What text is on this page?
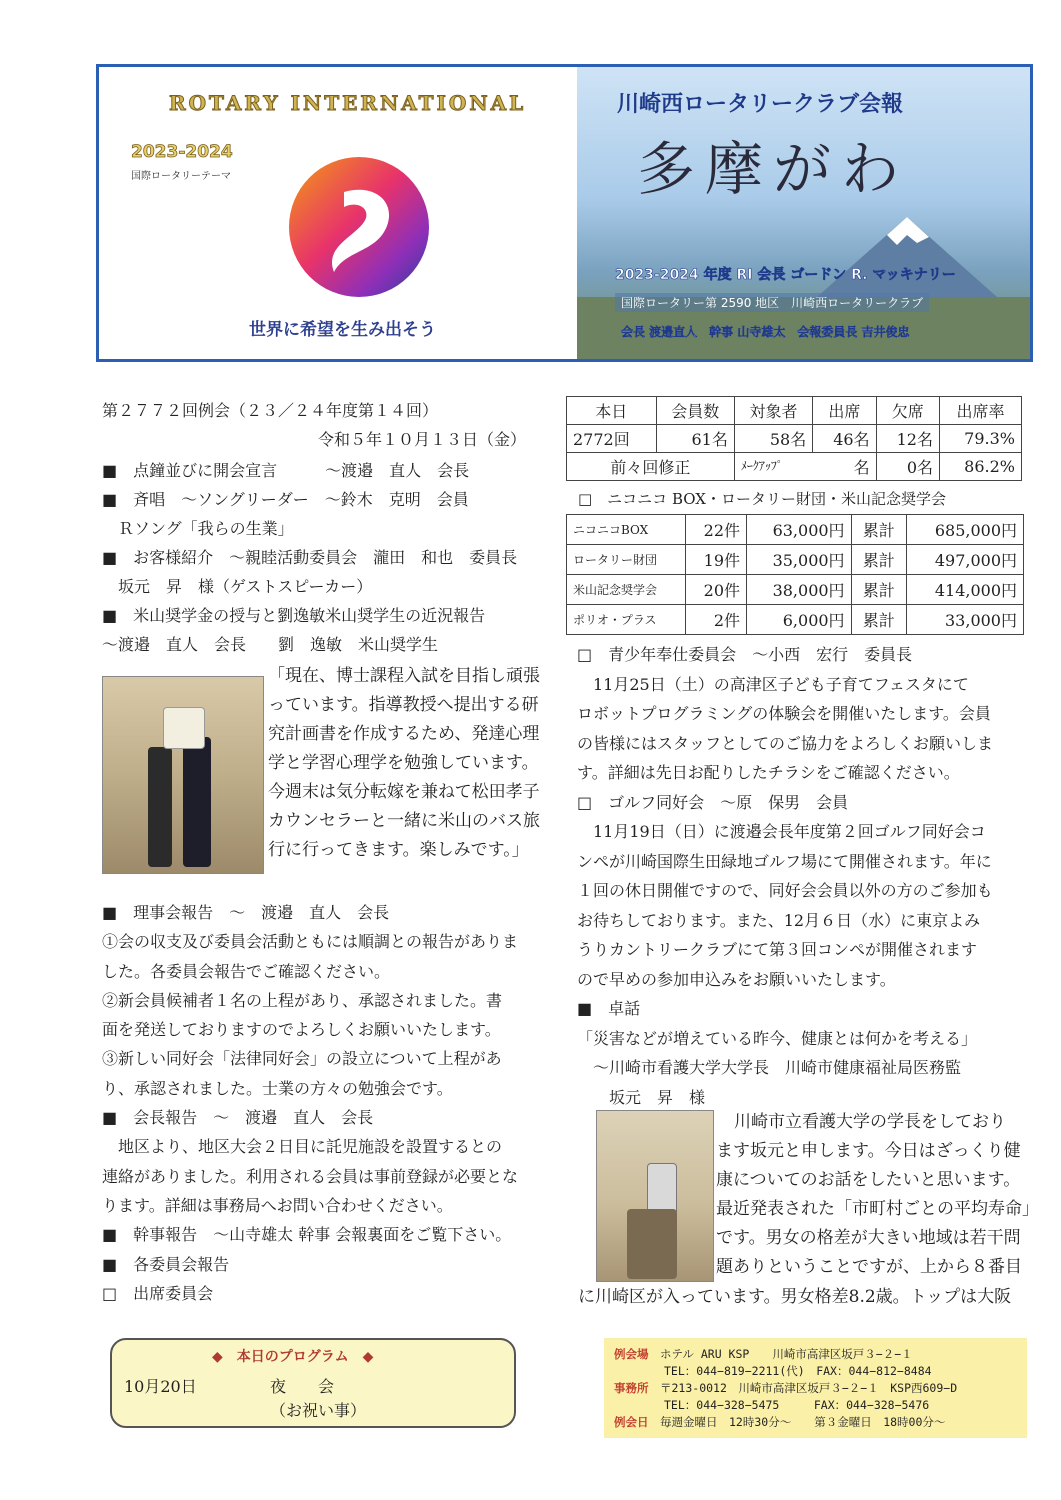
ROTARY INTERNATIONAL
2023-2024
国際ロータリーテーマ
世界に希望を生み出そう
川崎西ロータリークラブ会報
多摩がわ
2023-2024 年度 RI 会長 ゴードン R. マッキナリー
国際ロータリー第 2590 地区　川崎西ロータリークラブ
会長 渡邉直人　幹事 山寺雄太　会報委員長 吉井俊忠
第２７７２回例会（２３／２４年度第１４回）
令和５年１０月１３日（金）
■　点鐘並びに開会宣言　　　～渡邉　直人　会長
■　斉唱　～ソングリーダー　～鈴木　克明　会員
　Ｒソング「我らの生業」
■　お客様紹介　～親睦活動委員会　瀧田　和也　委員長
　坂元　昇　様（ゲストスピーカー）
■　米山奨学金の授与と劉逸敏米山奨学生の近況報告
～渡邉　直人　会長　　劉　逸敏　米山奨学生
「現在、博士課程入試を目指し頑張
っています。指導教授へ提出する研
究計画書を作成するため、発達心理
学と学習心理学を勉強しています。
今週末は気分転嫁を兼ねて松田孝子
カウンセラーと一緒に米山のバス旅
行に行ってきます。楽しみです。」
■　理事会報告　～　渡邉　直人　会長
①会の収支及び委員会活動ともには順調との報告がありま
した。各委員会報告でご確認ください。
②新会員候補者１名の上程があり、承認されました。書
面を発送しておりますのでよろしくお願いいたします。
③新しい同好会「法律同好会」の設立について上程があ
り、承認されました。士業の方々の勉強会です。
■　会長報告　～　渡邉　直人　会長
　地区より、地区大会２日目に託児施設を設置するとの
連絡がありました。利用される会員は事前登録が必要とな
ります。詳細は事務局へお問い合わせください。
■　幹事報告　～山寺雄太 幹事 会報裏面をご覧下さい。
■　各委員会報告
□　出席委員会
◆　本日のプログラム　◆
10月20日	夜　　会
（お祝い事）
本日	会員数	対象者	出席	欠席	出席率
2772回	61名	58名	46名	12名	79.3%
前々回修正		ﾒｰｸｱｯﾌﾟ 名		0名	86.2%
□　ニコニコ BOX・ロータリー財団・米山記念奨学会
ニコニコBOX	22件	63,000円	累計	685,000円
ロータリー財団	19件	35,000円	累計	497,000円
米山記念奨学会	20件	38,000円	累計	414,000円
ポリオ・プラス	2件	6,000円	累計	33,000円
□　青少年奉仕委員会　～小西　宏行　委員長
　11月25日（土）の高津区子ども子育てフェスタにて
ロボットプログラミングの体験会を開催いたします。会員
の皆様にはスタッフとしてのご協力をよろしくお願いしま
す。詳細は先日お配りしたチラシをご確認ください。
□　ゴルフ同好会　～原　保男　会員
　11月19日（日）に渡邉会長年度第２回ゴルフ同好会コ
ンペが川崎国際生田緑地ゴルフ場にて開催されます。年に
１回の休日開催ですので、同好会会員以外の方のご参加も
お待ちしております。また、12月６日（水）に東京よみ
うりカントリークラブにて第３回コンペが開催されます
ので早めの参加申込みをお願いいたします。
■　卓話
「災害などが増えている昨今、健康とは何かを考える」
　～川崎市看護大学大学長　川崎市健康福祉局医務監
　　坂元　昇　様
川崎市立看護大学の学長をしており
ます坂元と申します。今日はざっくり健
康についてのお話をしたいと思います。
最近発表された「市町村ごとの平均寿命」
です。男女の格差が大きい地域は若干問
題ありということですが、上から８番目
に川崎区が入っています。男女格差8.2歳。トップは大阪
例会場　 ホテル ARU KSP　　川崎市高津区坂戸３−２−１
TEL：044−819−2211(代)　FAX：044−812−8484
事務所　 〒213-0012　川崎市高津区坂戸３−２−１　KSP西609−D
TEL：044−328−5475　　　FAX：044−328−5476
例会日　 毎週金曜日　12時30分〜　　第３金曜日　18時00分〜
